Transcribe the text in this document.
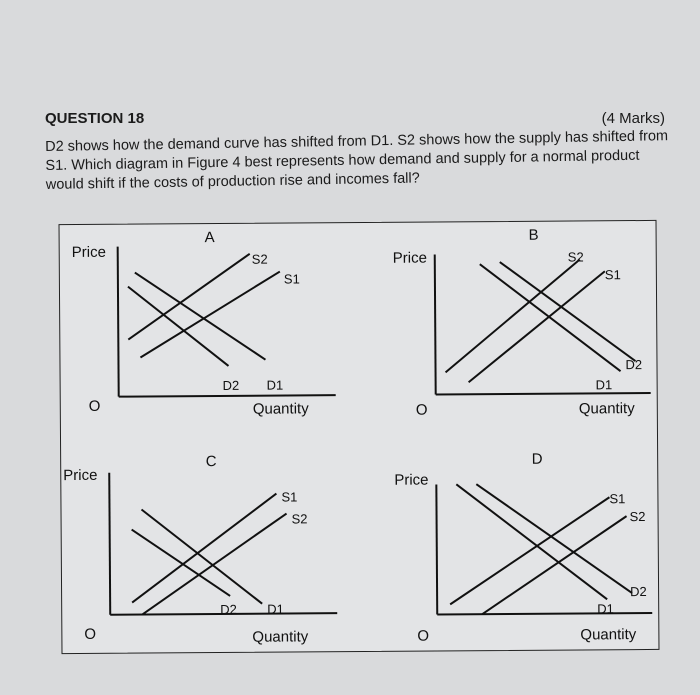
QUESTION 18	(4 Marks)
D2 shows how the demand curve has shifted from D1. S2 shows how the supply has shifted from S1. Which diagram in Figure 4 best represents how demand and supply for a normal product would shift if the costs of production rise and incomes fall?
A
Price
O	Quantity
S2
S1
D2 D1
B
Price
O	Quantity
S2
S1
D1
D2
C
Price
O	Quantity
S1
S2
D2 D1
D
Price
O	Quantity
S1
S2
D1
D2
